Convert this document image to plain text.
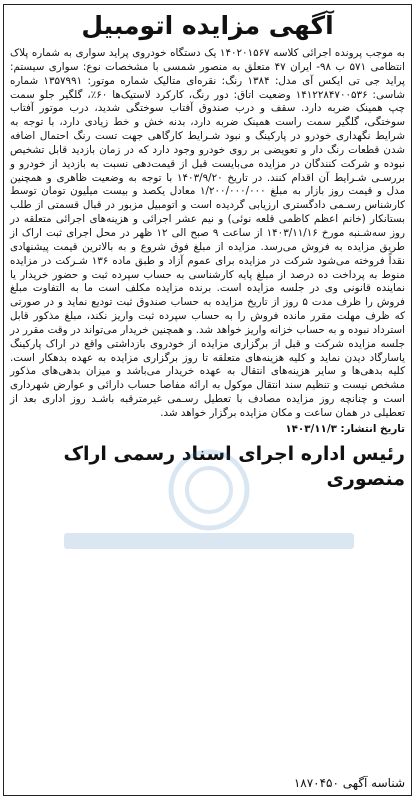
آگهی مزایده اتومبیل

به موجب پرونده اجرائی کلاسه ۱۴۰۲۰۱۵۶۷ یک دستگاه خودروی پراید سواری به شماره پلاک انتظامی ۵۷۱ ب ۹۸- ایران ۴۷ متعلق به منصور شمسی با مشخصات نوع: سواری سیستم: پراید جی تی ایکس آی مدل: ۱۳۸۴ رنگ: نقره‌ای متالیک شماره موتور: ۱۳۵۷۹۹۱ شماره شاسی: ۱۴۱۲۲۸۴۷۰۰۵۳۶ وضعیت اتاق: دور رنگ، کارکرد لاستیک‌ها ۶۰٪، گلگیر جلو سمت چپ همینک ضربه دارد. سقف و درب صندوق آفتاب سوختگی شدید، درب موتور آفتاب سوختگی، گلگیر سمت راست همینک ضربه دارد، بدنه خش و خط زیادی دارد، با توجه به شرایط نگهداری خودرو در پارکینگ و نبود شـرایط کارگاهی جهت تست رنگ احتمال اضافه شدن قطعات رنگ دار و تعویضی بر روی خودرو وجود دارد که در زمان بازدید قابل تشخیص نبوده و شرکت کنندگان در مزایده می‌بایست قبل از قیمت‌دهی نسبت به بازدید از خودرو و بررسـی شـرایط آن اقدام کنند. در تاریخ ۱۴۰۳/۹/۲۰ با توجه به وضعیت ظاهری و همچنین مدل و قیمت روز بازار به مبلغ ۱/۲۰۰/۰۰۰/۰۰۰ معادل یکصد و بیست میلیون تومان توسط کارشناس رسـمی دادگستری ارزیابی گردیده است و اتومبیل مزبور در قبال قسمتی از طلب بستانکار (خانم اعظم کاظمی قلعه نوئی) و نیم عشر اجرائی و هزینه‌های اجرائی متعلقه در روز سه‌شـنبه مورخ ۱۴۰۳/۱۱/۱۶ از ساعت ۹ صبح الی ۱۲ ظهر در محل اجرای ثبت اراک از طریق مزایده به فروش می‌رسد. مزایده از مبلغ فوق شروع و به بالاترین قیمت پیشنهادی نقداً فروخته می‌شود شرکت در مزایده برای عموم آزاد و طبق ماده ۱۳۶ شـرکت در مزایده منوط به پرداخت ده درصد از مبلغ پایه کارشناسی به حساب سپرده ثبت و حضور خریدار یا نماینده قانونی وی در جلسه مزایده است. برنده مزایده مکلف است ما به التفاوت مبلغ فروش را ظرف مدت ۵ روز از تاریخ مزایده به حساب صندوق ثبت تودیع نماید و در صورتی که ظرف مهلت مقرر مانده فروش را به حساب سپرده ثبت واریز نکند، مبلغ مذکور قابل استرداد نبوده و به حساب خزانه واریز خواهد شد. و همچنین خریدار می‌تواند در وقت مقرر در جلسه مزایده شرکت و قبل از برگزاری مزایده از خودروی بازداشتی واقع در اراک پارکینگ یاسارگاد دیدن نماید و کلیه هزینه‌های متعلقه تا روز برگزاری مزایده به عهده بدهکار است. کلیه بدهی‌ها و سایر هزینه‌های انتقال به عهده خریدار می‌باشد و میزان بدهی‌های مذکور مشخص نیست و تنظیم سند انتقال موکول به ارائه مفاصا حساب دارائی و عوارض شهرداری است و چنانچه روز مزایده مصادف با تعطیل رسـمی غیرمترقبه باشـد روز اداری بعد از تعطیلی در همان ساعت و مکان مزایده برگزار خواهد شد.

تاریخ انتشار: ۱۴۰۳/۱۱/۳
رئیس اداره اجرای اسناد رسمی اراک
منصوری
شناسه آگهی ۱۸۷۰۴۵۰
